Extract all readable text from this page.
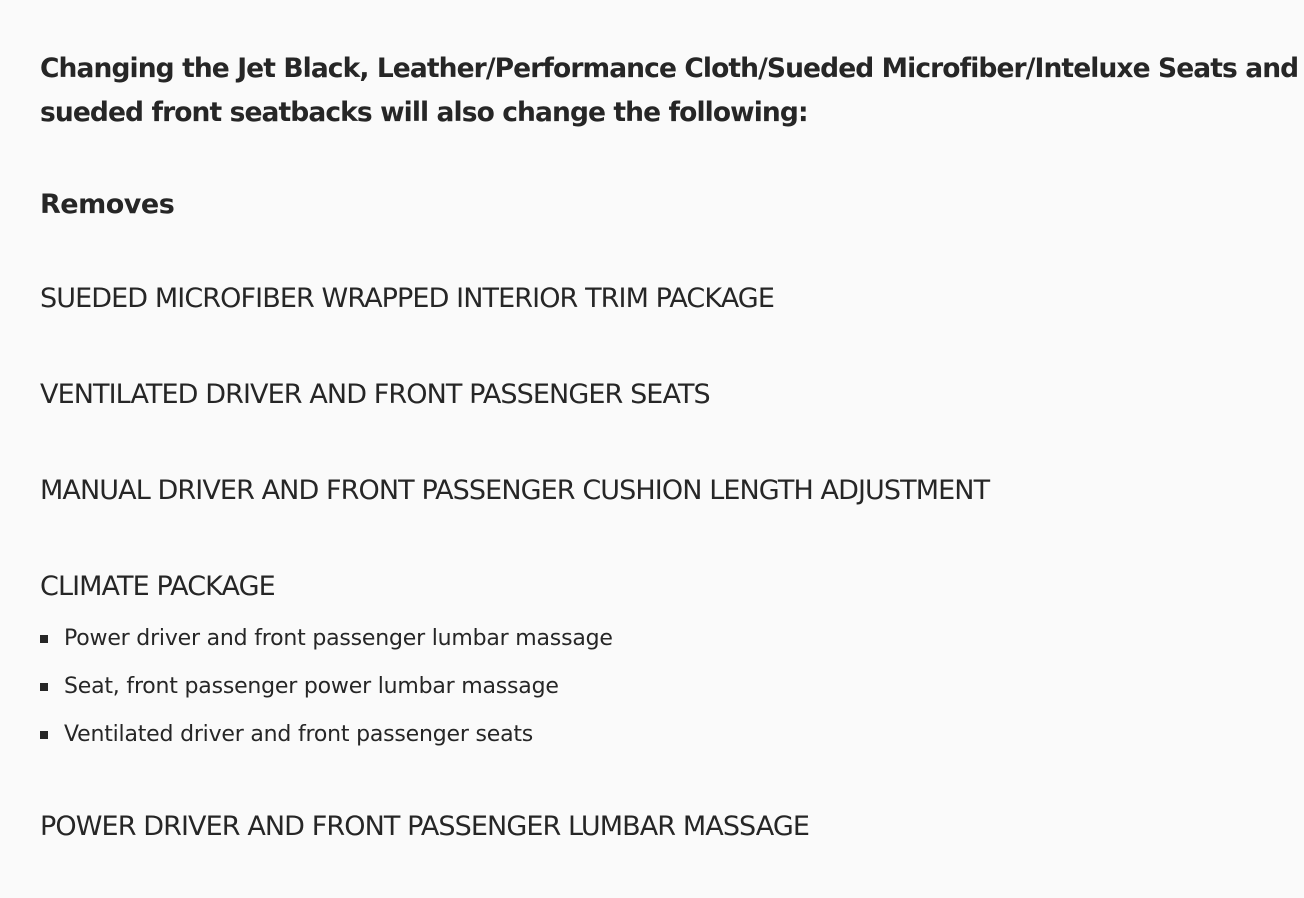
Changing the Jet Black, Leather/Performance Cloth/Sueded Microfiber/Inteluxe Seats and sueded front seatbacks will also change the following:
Removes
SUEDED MICROFIBER WRAPPED INTERIOR TRIM PACKAGE
VENTILATED DRIVER AND FRONT PASSENGER SEATS
MANUAL DRIVER AND FRONT PASSENGER CUSHION LENGTH ADJUSTMENT
CLIMATE PACKAGE
Power driver and front passenger lumbar massage
Seat, front passenger power lumbar massage
Ventilated driver and front passenger seats
POWER DRIVER AND FRONT PASSENGER LUMBAR MASSAGE
